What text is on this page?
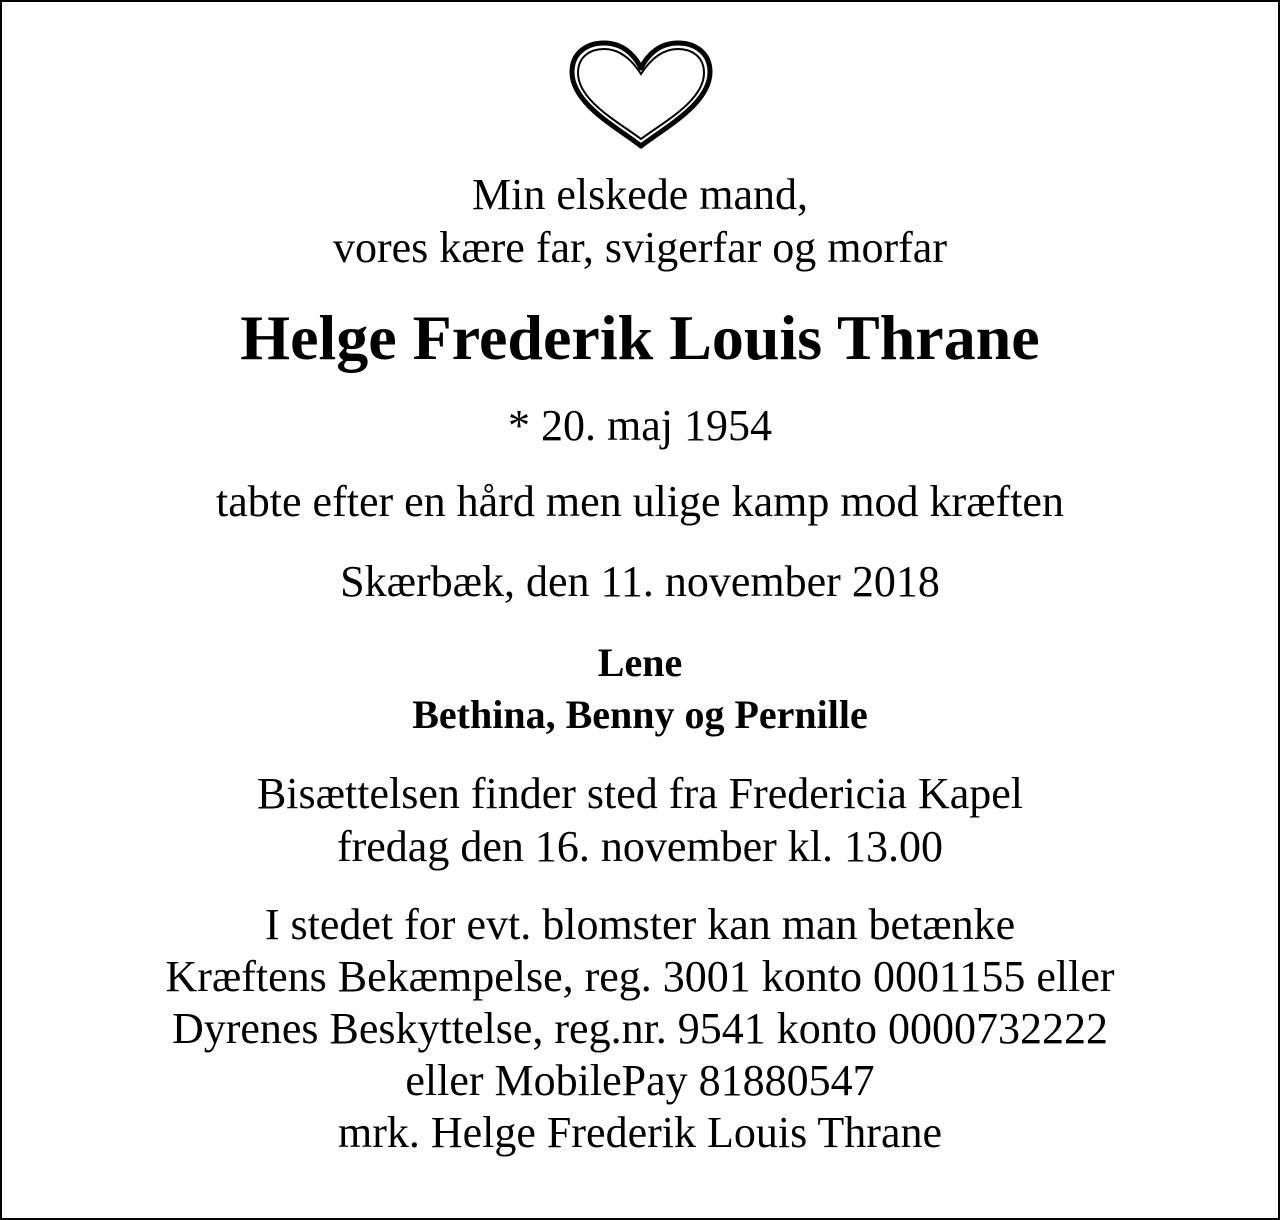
Min elskede mand,
vores kære far, svigerfar og morfar
Helge Frederik Louis Thrane
* 20. maj 1954
tabte efter en hård men ulige kamp mod kræften
Skærbæk, den 11. november 2018
Lene
Bethina, Benny og Pernille
Bisættelsen finder sted fra Fredericia Kapel
fredag den 16. november kl. 13.00
I stedet for evt. blomster kan man betænke
Kræftens Bekæmpelse, reg. 3001 konto 0001155 eller
Dyrenes Beskyttelse, reg.nr. 9541 konto 0000732222
eller MobilePay 81880547
mrk. Helge Frederik Louis Thrane
